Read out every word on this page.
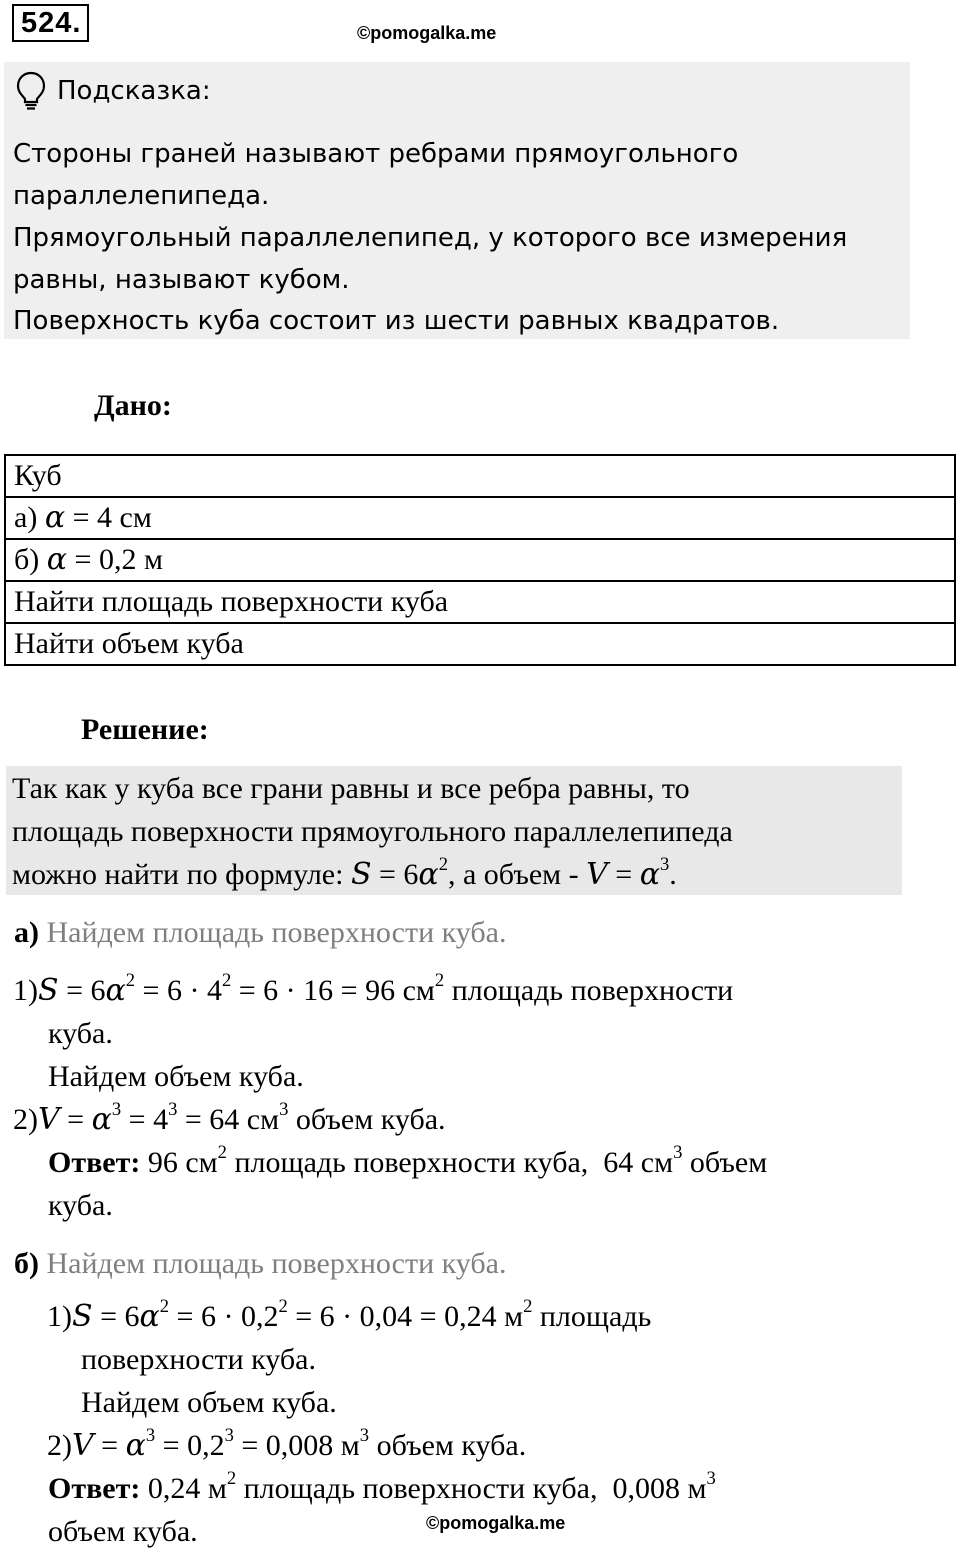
524.	©pomogalka.me
Подсказка:
Стороны граней называют ребрами прямоугольного
параллелепипеда.
Прямоугольный параллелепипед, у которого все измерения
равны, называют кубом.
Поверхность куба состоит из шести равных квадратов.
Дано:
Куб
а) α = 4 см
б) α = 0,2 м
Найти площадь поверхности куба
Найти объем куба
Решение:
Так как у куба все грани равны и все ребра равны, то
площадь поверхности прямоугольного параллелепипеда
можно найти по формуле: $S = 6\alpha^2$, а объем - $V = \alpha^3$.
а) Найдем площадь поверхности куба.
$1)S = 6\alpha^2 = 6 \cdot 4^2 = 6 \cdot 16 = 96$ $см^2$ площадь поверхности
куба.
Найдем объем куба.
$2)V = \alpha^3 = 4^3 = 64$ $см^3$ объем куба.
Ответ: 96 $см^2$ площадь поверхности куба,  64 $см^3$ объем
куба.
б) Найдем площадь поверхности куба.
$1)S = 6\alpha^2 = 6 \cdot 0,2^2 = 6 \cdot 0,04 = 0,24$ $м^2$ площадь
поверхности куба.
Найдем объем куба.
$2)V = \alpha^3 = 0,2^3 = 0,008$ $м^3$ объем куба.
Ответ: 0,24 $м^2$ площадь поверхности куба,  0,008 $м^3$
объем куба.	©pomogalka.me
